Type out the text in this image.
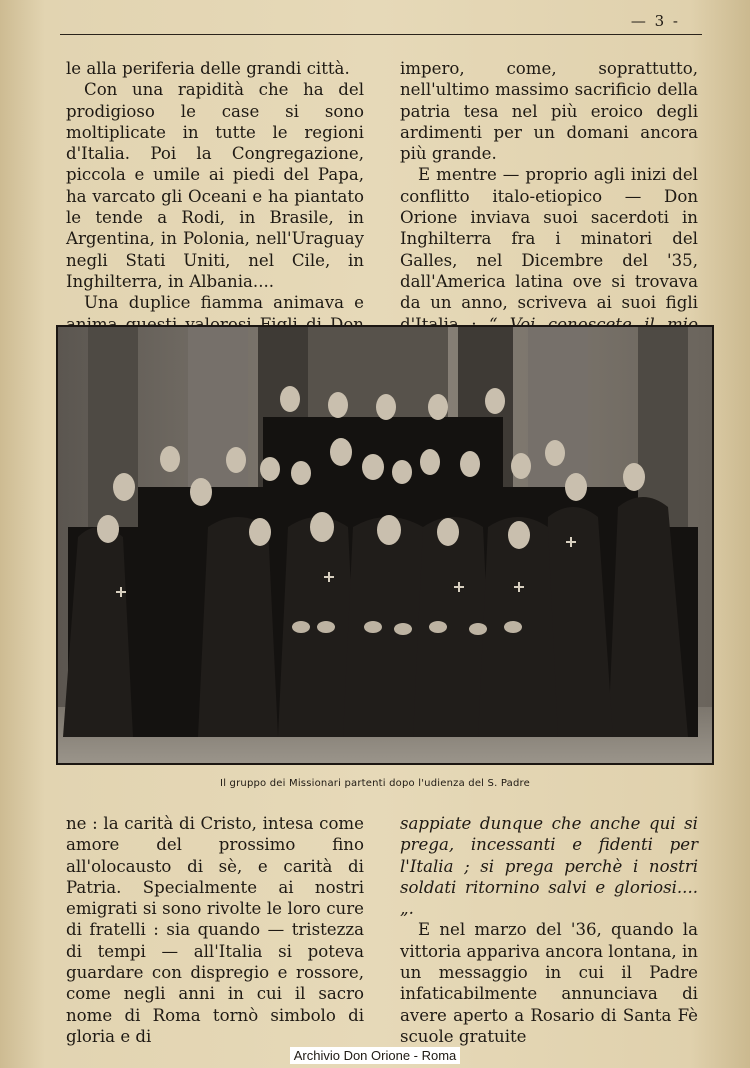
— 3 -

le alla periferia delle grandi città.

Con una rapidità che ha del prodigioso le case si sono moltiplicate in tutte le regioni d'Italia. Poi la Congregazione, piccola e umile ai piedi del Papa, ha varcato gli Oceani e ha piantato le tende a Rodi, in Brasile, in Argentina, in Polonia, nell'Uraguay negli Stati Uniti, nel Cile, in Inghilterra, in Albania....

Una duplice fiamma animava e

impero, come, soprattutto, nell'ultimo massimo sacrificio della patria tesa nel più eroico degli ardimenti per un domani ancora più grande.

E mentre — proprio agli inizi del conflitto italo-etiopico — Don Orione inviava suoi sacerdoti in Inghilterra fra i minatori del Galles, nel Dicembre del '35, dall'America latina ove si trovava da un anno, scriveva ai suoi figli

Il gruppo dei Missionari partenti dopo l'udienza del S. Padre

ne : la carità di Cristo, intesa come amore del prossimo fino all'olocausto di sè, e carità di Patria. Specialmente ai nostri emigrati si sono rivolte le loro cure di fratelli : sia quando — tristezza di tempi — all'Italia si poteva guardare con dispregio e rossore, come negli anni in cui il sacro nome di Roma tornò simbolo di gloria e di

sappiate dunque che anche qui si prega, incessanti e fidenti per l'Italia ; si prega perchè i nostri soldati ritornino salvi e gloriosi.... „.

E nel marzo del '36, quando la vittoria appariva ancora lontana, in un messaggio in cui il Padre infaticabilmente annunciava di avere aperto a Rosario di Santa Fè scuole gratuite

Archivio Don Orione - Roma
